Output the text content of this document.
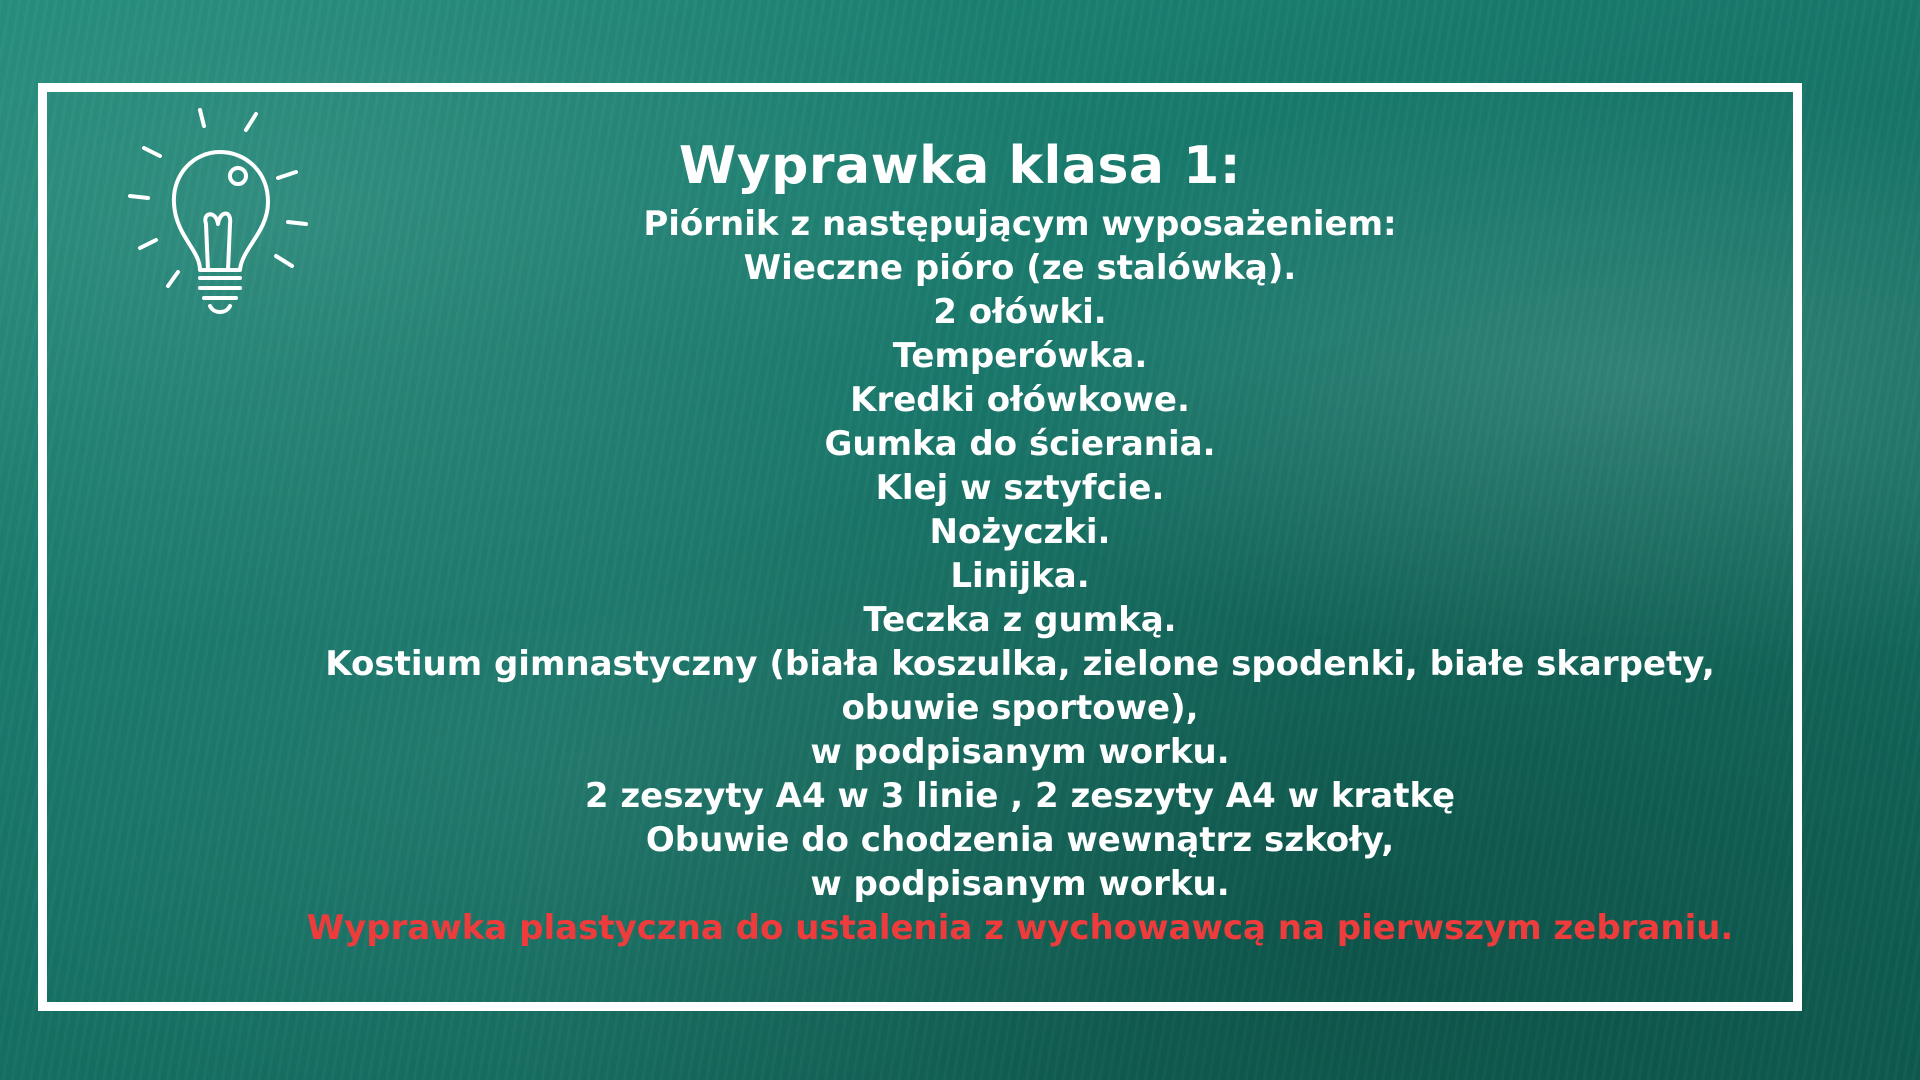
Wyprawka klasa 1:
Piórnik z następującym wyposażeniem:
Wieczne pióro (ze stalówką).
2 ołówki.
Temperówka.
Kredki ołówkowe.
Gumka do ścierania.
Klej w sztyfcie.
Nożyczki.
Linijka.
Teczka z gumką.
Kostium gimnastyczny (biała koszulka, zielone spodenki, białe skarpety, obuwie sportowe),
w podpisanym worku.
2 zeszyty A4 w 3 linie , 2 zeszyty A4 w kratkę
Obuwie do chodzenia wewnątrz szkoły,
w podpisanym worku.
Wyprawka plastyczna do ustalenia z wychowawcą na pierwszym zebraniu.
